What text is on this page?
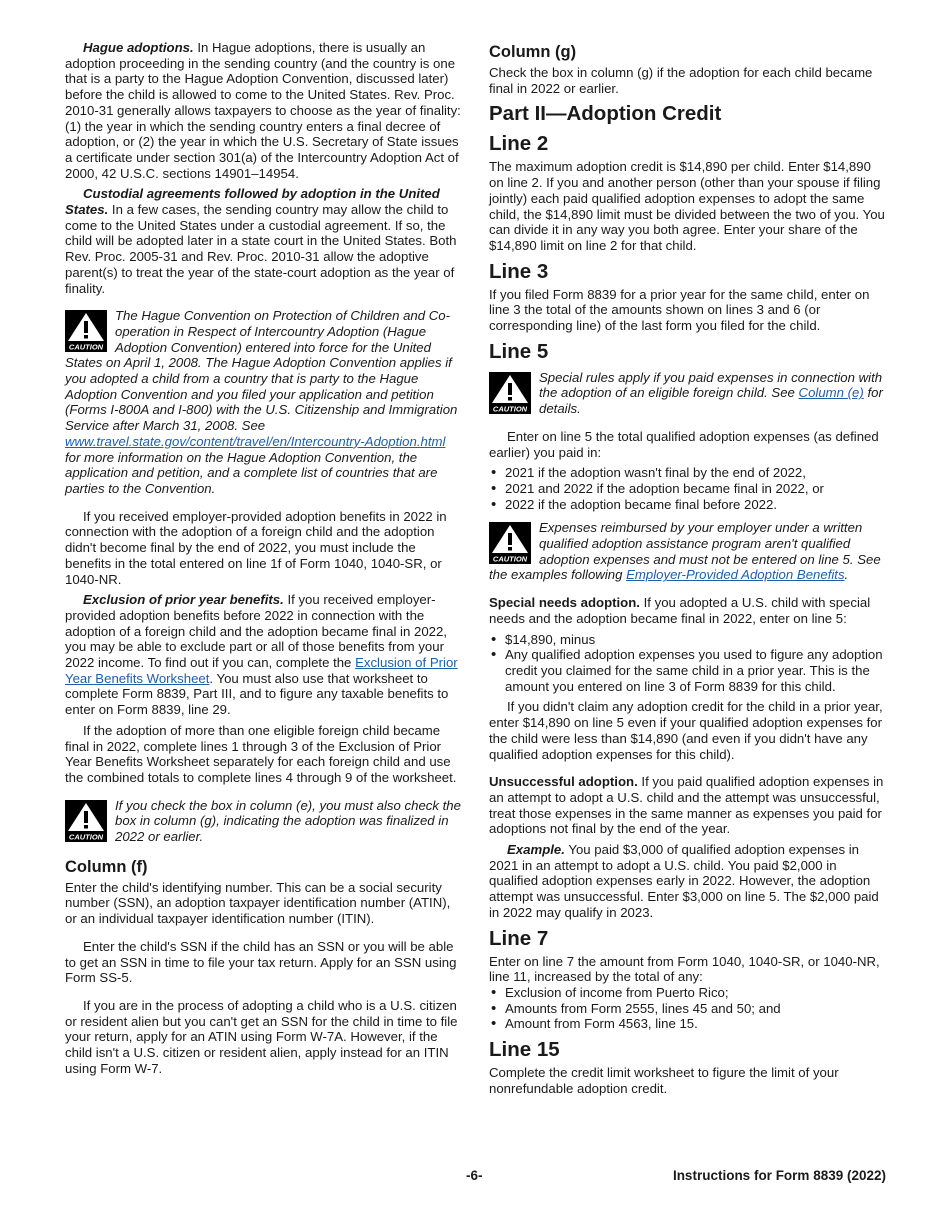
Hague adoptions. In Hague adoptions, there is usually an adoption proceeding in the sending country (and the country is one that is a party to the Hague Adoption Convention, discussed later) before the child is allowed to come to the United States. Rev. Proc. 2010-31 generally allows taxpayers to choose as the year of finality: (1) the year in which the sending country enters a final decree of adoption, or (2) the year in which the U.S. Secretary of State issues a certificate under section 301(a) of the Intercountry Adoption Act of 2000, 42 U.S.C. sections 14901–14954.

Custodial agreements followed by adoption in the United States. In a few cases, the sending country may allow the child to come to the United States under a custodial agreement. If so, the child will be adopted later in a state court in the United States. Both Rev. Proc. 2005-31 and Rev. Proc. 2010-31 allow the adoptive parent(s) to treat the year of the state-court adoption as the year of finality.

CAUTION
The Hague Convention on Protection of Children and Co-operation in Respect of Intercountry Adoption (Hague Adoption Convention) entered into force for the United States on April 1, 2008. The Hague Adoption Convention applies if you adopted a child from a country that is party to the Hague Adoption Convention and you filed your application and petition (Forms I-800A and I-800) with the U.S. Citizenship and Immigration Service after March 31, 2008. See www.travel.state.gov/content/travel/en/Intercountry-Adoption.html for more information on the Hague Adoption Convention, the application and petition, and a complete list of countries that are parties to the Convention.

If you received employer-provided adoption benefits in 2022 in connection with the adoption of a foreign child and the adoption didn't become final by the end of 2022, you must include the benefits in the total entered on line 1f of Form 1040, 1040-SR, or 1040-NR.

Exclusion of prior year benefits. If you received employer-provided adoption benefits before 2022 in connection with the adoption of a foreign child and the adoption became final in 2022, you may be able to exclude part or all of those benefits from your 2022 income. To find out if you can, complete the Exclusion of Prior Year Benefits Worksheet. You must also use that worksheet to complete Form 8839, Part III, and to figure any taxable benefits to enter on Form 8839, line 29.

If the adoption of more than one eligible foreign child became final in 2022, complete lines 1 through 3 of the Exclusion of Prior Year Benefits Worksheet separately for each foreign child and use the combined totals to complete lines 4 through 9 of the worksheet.

CAUTION
If you check the box in column (e), you must also check the box in column (g), indicating the adoption was finalized in 2022 or earlier.
Column (f)

Enter the child's identifying number. This can be a social security number (SSN), an adoption taxpayer identification number (ATIN), or an individual taxpayer identification number (ITIN).

Enter the child's SSN if the child has an SSN or you will be able to get an SSN in time to file your tax return. Apply for an SSN using Form SS-5.

If you are in the process of adopting a child who is a U.S. citizen or resident alien but you can't get an SSN for the child in time to file your return, apply for an ATIN using Form W-7A. However, if the child isn't a U.S. citizen or resident alien, apply instead for an ITIN using Form W-7.

Column (g)

Check the box in column (g) if the adoption for each child became final in 2022 or earlier.

Part II—Adoption Credit
Line 2

The maximum adoption credit is $14,890 per child. Enter $14,890 on line 2. If you and another person (other than your spouse if filing jointly) each paid qualified adoption expenses to adopt the same child, the $14,890 limit must be divided between the two of you. You can divide it in any way you both agree. Enter your share of the $14,890 limit on line 2 for that child.

Line 3

If you filed Form 8839 for a prior year for the same child, enter on line 3 the total of the amounts shown on lines 3 and 6 (or corresponding line) of the last form you filed for the child.

Line 5
CAUTION
Special rules apply if you paid expenses in connection with the adoption of an eligible foreign child. See Column (e) for details.

Enter on line 5 the total qualified adoption expenses (as defined earlier) you paid in:

• 2021 if the adoption wasn't final by the end of 2022,
• 2021 and 2022 if the adoption became final in 2022, or
• 2022 if the adoption became final before 2022.
CAUTION
Expenses reimbursed by your employer under a written qualified adoption assistance program aren't qualified adoption expenses and must not be entered on line 5. See the examples following Employer-Provided Adoption Benefits.

Special needs adoption. If you adopted a U.S. child with special needs and the adoption became final in 2022, enter on line 5:

• $14,890, minus
• Any qualified adoption expenses you used to figure any adoption credit you claimed for the same child in a prior year. This is the amount you entered on line 3 of Form 8839 for this child.

If you didn't claim any adoption credit for the child in a prior year, enter $14,890 on line 5 even if your qualified adoption expenses for the child were less than $14,890 (and even if you didn't have any qualified adoption expenses for this child).

Unsuccessful adoption. If you paid qualified adoption expenses in an attempt to adopt a U.S. child and the attempt was unsuccessful, treat those expenses in the same manner as expenses you paid for adoptions not final by the end of the year.

Example. You paid $3,000 of qualified adoption expenses in 2021 in an attempt to adopt a U.S. child. You paid $2,000 in qualified adoption expenses early in 2022. However, the adoption attempt was unsuccessful. Enter $3,000 on line 5. The $2,000 paid in 2022 may qualify in 2023.

Line 7

Enter on line 7 the amount from Form 1040, 1040-SR, or 1040-NR, line 11, increased by the total of any:

• Exclusion of income from Puerto Rico;
• Amounts from Form 2555, lines 45 and 50; and
• Amount from Form 4563, line 15.
Line 15

Complete the credit limit worksheet to figure the limit of your nonrefundable adoption credit.

-6-	Instructions for Form 8839 (2022)
